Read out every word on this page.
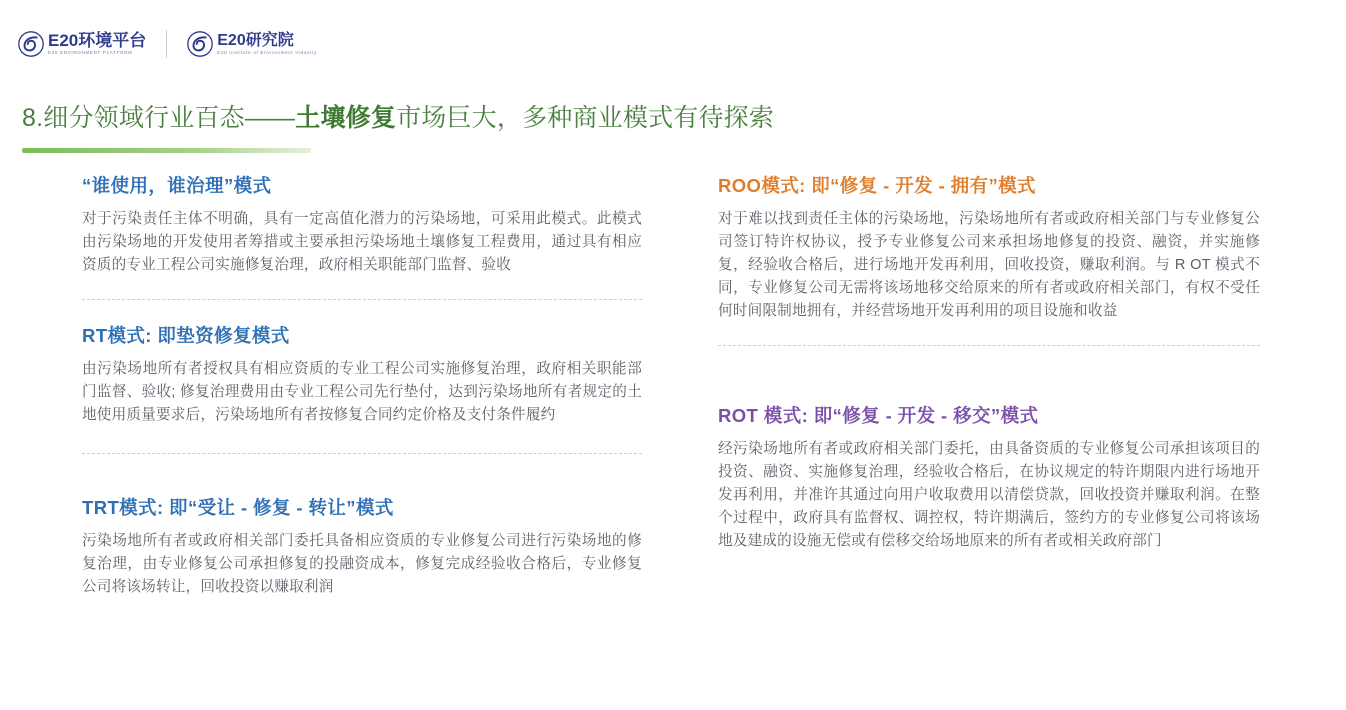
E20环境平台
E20 ENVIRONMENT PLATFORM
E20研究院
E20 Institute of Environment Industry
8.细分领域行业百态——土壤修复市场巨大，多种商业模式有待探索
“谁使用，谁治理”模式
对于污染责任主体不明确，具有一定高值化潜力的污染场地，可采用此模式。此模式由污染场地的开发使用者筹措或主要承担污染场地土壤修复工程费用，通过具有相应资质的专业工程公司实施修复治理，政府相关职能部门监督、验收
RT模式: 即垫资修复模式
由污染场地所有者授权具有相应资质的专业工程公司实施修复治理，政府相关职能部门监督、验收; 修复治理费用由专业工程公司先行垫付，达到污染场地所有者规定的土地使用质量要求后，污染场地所有者按修复合同约定价格及支付条件履约
TRT模式: 即“受让 - 修复 - 转让”模式
污染场地所有者或政府相关部门委托具备相应资质的专业修复公司进行污染场地的修复治理，由专业修复公司承担修复的投融资成本，修复完成经验收合格后，专业修复公司将该场转让，回收投资以赚取利润
ROO模式: 即“修复 - 开发 - 拥有”模式
对于难以找到责任主体的污染场地，污染场地所有者或政府相关部门与专业修复公司签订特许权协议，授予专业修复公司来承担场地修复的投资、融资，并实施修复，经验收合格后，进行场地开发再利用，回收投资，赚取利润。与 R OT 模式不同，专业修复公司无需将该场地移交给原来的所有者或政府相关部门，有权不受任何时间限制地拥有，并经营场地开发再利用的项目设施和收益
ROT 模式: 即“修复 - 开发 - 移交”模式
经污染场地所有者或政府相关部门委托，由具备资质的专业修复公司承担该项目的投资、融资、实施修复治理，经验收合格后，在协议规定的特许期限内进行场地开发再利用，并准许其通过向用户收取费用以清偿贷款，回收投资并赚取利润。在整个过程中，政府具有监督权、调控权，特许期满后，签约方的专业修复公司将该场地及建成的设施无偿或有偿移交给场地原来的所有者或相关政府部门
